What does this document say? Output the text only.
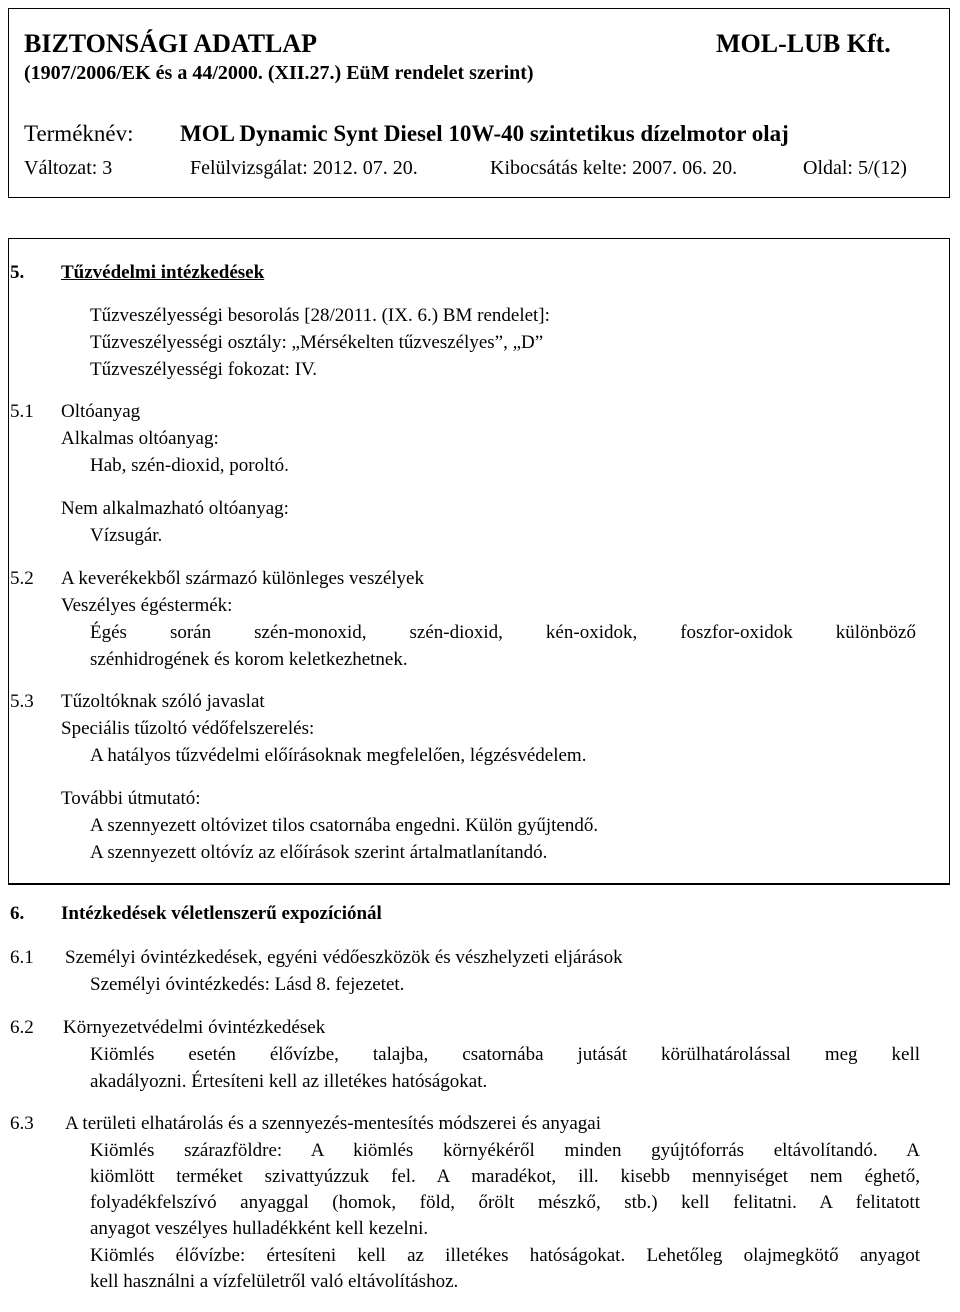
BIZTONSÁGI ADATLAP	MOL-LUB Kft.
(1907/2006/EK és a 44/2000. (XII.27.) EüM rendelet szerint)
Terméknév: MOL Dynamic Synt Diesel 10W-40 szintetikus dízelmotor olaj
Változat: 3	Felülvizsgálat: 2012. 07. 20.	Kibocsátás kelte: 2007. 06. 20.	Oldal: 5/(12)
5. Tűzvédelmi intézkedések
Tűzveszélyességi besorolás [28/2011. (IX. 6.) BM rendelet]:
Tűzveszélyességi osztály: „Mérsékelten tűzveszélyes”, „D”
Tűzveszélyességi fokozat: IV.
5.1 Oltóanyag
Alkalmas oltóanyag:
Hab, szén-dioxid, poroltó.
Nem alkalmazható oltóanyag:
Vízsugár.
5.2 A keverékekből származó különleges veszélyek
Veszélyes égéstermék:
Égés során szén-monoxid, szén-dioxid, kén-oxidok, foszfor-oxidok különböző
szénhidrogének és korom keletkezhetnek.
5.3 Tűzoltóknak szóló javaslat
Speciális tűzoltó védőfelszerelés:
A hatályos tűzvédelmi előírásoknak megfelelően, légzésvédelem.
További útmutató:
A szennyezett oltóvizet tilos csatornába engedni. Külön gyűjtendő.
A szennyezett oltóvíz az előírások szerint ártalmatlanítandó.
6. Intézkedések véletlenszerű expozíciónál
6.1 Személyi óvintézkedések, egyéni védőeszközök és vészhelyzeti eljárások
Személyi óvintézkedés: Lásd 8. fejezetet.
6.2 Környezetvédelmi óvintézkedések
Kiömlés esetén élővízbe, talajba, csatornába jutását körülhatárolással meg kell
akadályozni. Értesíteni kell az illetékes hatóságokat.
6.3 A területi elhatárolás és a szennyezés-mentesítés módszerei és anyagai
Kiömlés szárazföldre: A kiömlés környékéről minden gyújtóforrás eltávolítandó. A
kiömlött terméket szivattyúzzuk fel. A maradékot, ill. kisebb mennyiséget nem éghető,
folyadékfelszívó anyaggal (homok, föld, őrölt mészkő, stb.) kell felitatni. A felitatott
anyagot veszélyes hulladékként kell kezelni.
Kiömlés élővízbe: értesíteni kell az illetékes hatóságokat. Lehetőleg olajmegkötő anyagot
kell használni a vízfelületről való eltávolításhoz.
